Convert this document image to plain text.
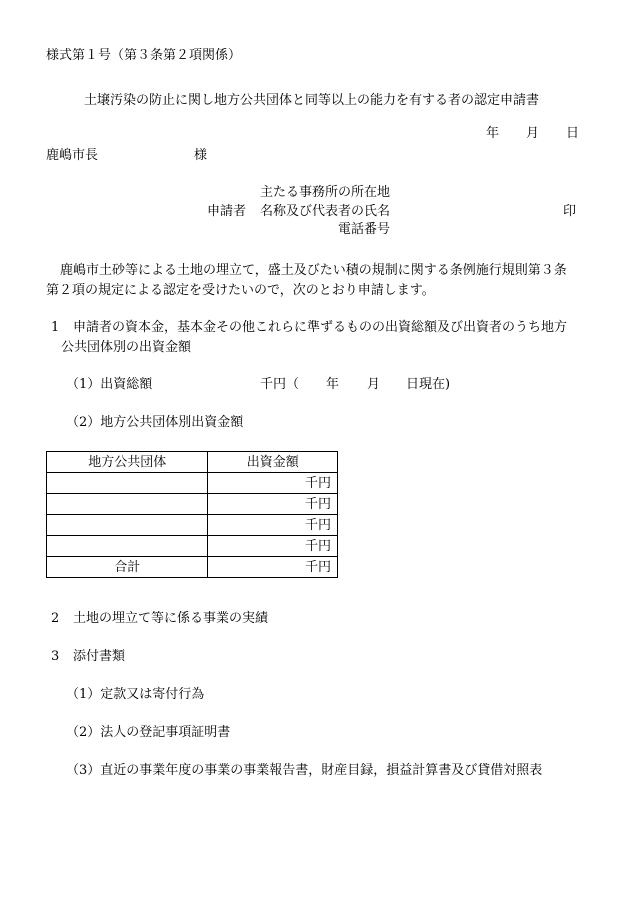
様式第１号（第３条第２項関係）
土壌汚染の防止に関し地方公共団体と同等以上の能力を有する者の認定申請書
年 月 日
鹿嶋市長	様
主たる事務所の所在地
申請者 名称及び代表者の氏名	印
電話番号
鹿嶋市土砂等による土地の埋立て，盛土及びたい積の規制に関する条例施行規則第３条
第２項の規定による認定を受けたいので，次のとおり申請します。
1 申請者の資本金，基本金その他これらに準ずるものの出資総額及び出資者のうち地方
公共団体別の出資金額
（1）出資総額	千円（ 年 月 日現在)
（2）地方公共団体別出資金額
地方公共団体	出資金額
	千円
	千円
	千円
	千円
合計	千円
2 土地の埋立て等に係る事業の実績
3 添付書類
（1）定款又は寄付行為
（2）法人の登記事項証明書
（3）直近の事業年度の事業の事業報告書，財産目録，損益計算書及び貸借対照表
